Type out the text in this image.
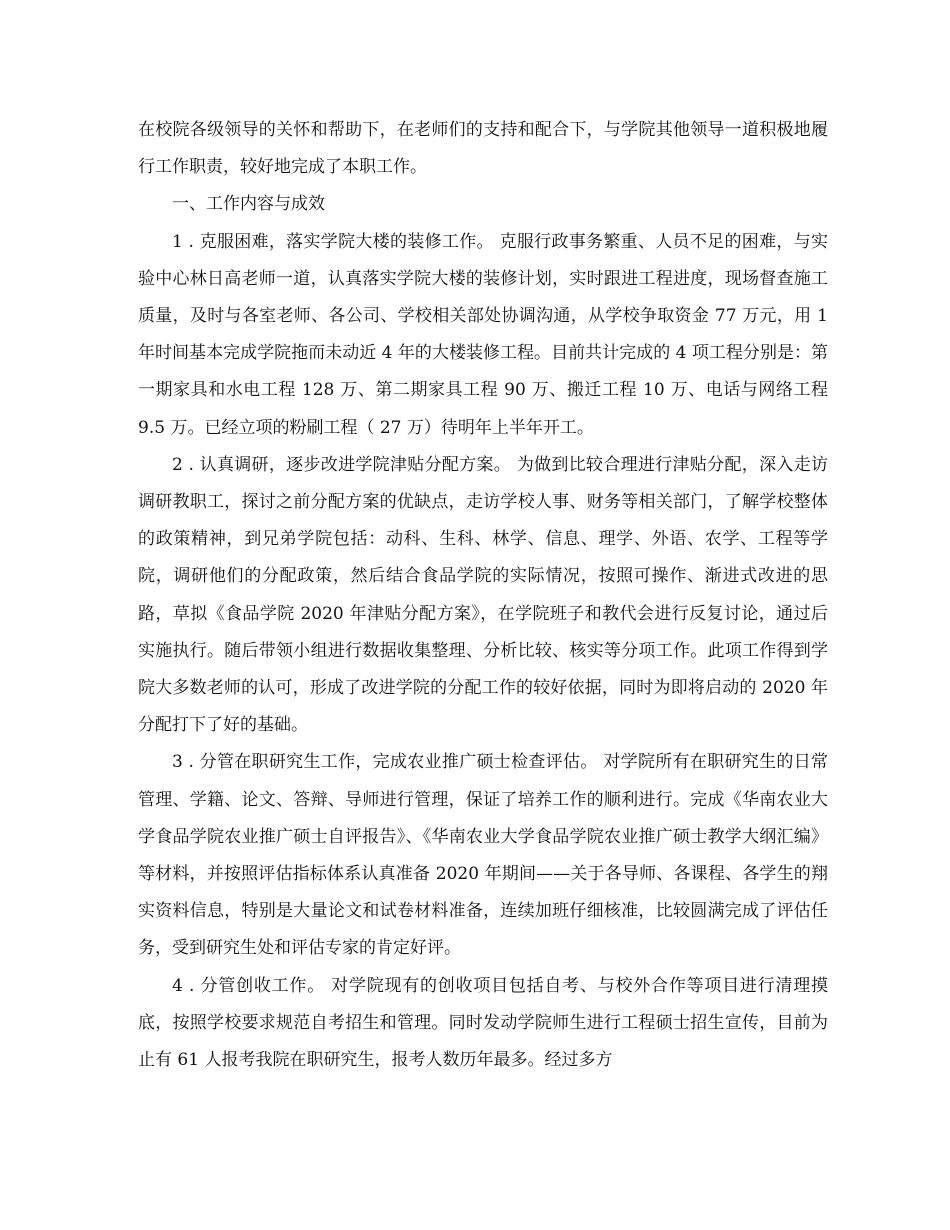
在校院各级领导的关怀和帮助下，在老师们的支持和配合下，与学院其他领导一道积极地履行工作职责，较好地完成了本职工作。

一、工作内容与成效

1 . 克服困难，落实学院大楼的装修工作。 克服行政事务繁重、人员不足的困难，与实验中心林日高老师一道，认真落实学院大楼的装修计划，实时跟进工程进度，现场督查施工质量，及时与各室老师、各公司、学校相关部处协调沟通，从学校争取资金 77 万元，用 1 年时间基本完成学院拖而未动近 4 年的大楼装修工程。目前共计完成的 4 项工程分别是：第一期家具和水电工程 128 万、第二期家具工程 90 万、搬迁工程 10 万、电话与网络工程 9.5 万。已经立项的粉刷工程（ 27 万）待明年上半年开工。

2 . 认真调研，逐步改进学院津贴分配方案。 为做到比较合理进行津贴分配，深入走访调研教职工，探讨之前分配方案的优缺点，走访学校人事、财务等相关部门，了解学校整体的政策精神，到兄弟学院包括：动科、生科、林学、信息、理学、外语、农学、工程等学院，调研他们的分配政策，然后结合食品学院的实际情况，按照可操作、渐进式改进的思路，草拟《食品学院 2020 年津贴分配方案》，在学院班子和教代会进行反复讨论，通过后实施执行。随后带领小组进行数据收集整理、分析比较、核实等分项工作。此项工作得到学院大多数老师的认可，形成了改进学院的分配工作的较好依据，同时为即将启动的 2020 年分配打下了好的基础。

3 . 分管在职研究生工作，完成农业推广硕士检查评估。 对学院所有在职研究生的日常管理、学籍、论文、答辩、导师进行管理，保证了培养工作的顺利进行。完成《华南农业大学食品学院农业推广硕士自评报告》、《华南农业大学食品学院农业推广硕士教学大纲汇编》等材料，并按照评估指标体系认真准备 2020 年期间——关于各导师、各课程、各学生的翔实资料信息，特别是大量论文和试卷材料准备，连续加班仔细核准，比较圆满完成了评估任务，受到研究生处和评估专家的肯定好评。

4 . 分管创收工作。 对学院现有的创收项目包括自考、与校外合作等项目进行清理摸底，按照学校要求规范自考招生和管理。同时发动学院师生进行工程硕士招生宣传，目前为止有 61 人报考我院在职研究生，报考人数历年最多。经过多方
